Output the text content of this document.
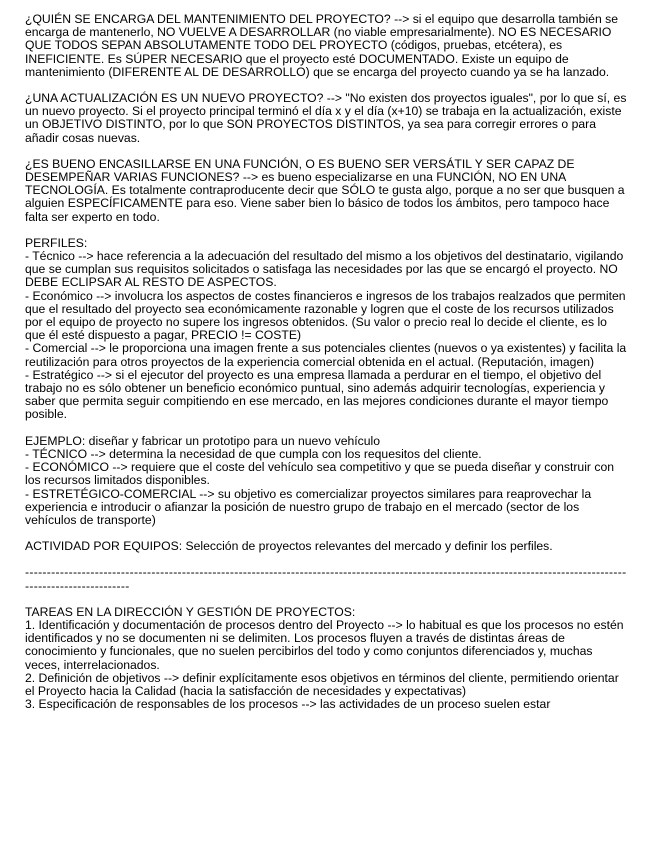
¿QUIÉN SE ENCARGA DEL MANTENIMIENTO DEL PROYECTO? --> si el equipo que desarrolla también se encarga de mantenerlo, NO VUELVE A DESARROLLAR (no viable empresarialmente). NO ES NECESARIO QUE TODOS SEPAN ABSOLUTAMENTE TODO DEL PROYECTO (códigos, pruebas, etcétera), es INEFICIENTE. Es SÚPER NECESARIO que el proyecto esté DOCUMENTADO. Existe un equipo de mantenimiento (DIFERENTE AL DE DESARROLLO) que se encarga del proyecto cuando ya se ha lanzado.

¿UNA ACTUALIZACIÓN ES UN NUEVO PROYECTO? --> "No existen dos proyectos iguales", por lo que sí, es un nuevo proyecto. Si el proyecto principal terminó el día x y el día (x+10) se trabaja en la actualización, existe un OBJETIVO DISTINTO, por lo que SON PROYECTOS DISTINTOS, ya sea para corregir errores o para añadir cosas nuevas.

¿ES BUENO ENCASILLARSE EN UNA FUNCIÓN, O ES BUENO SER VERSÁTIL Y SER CAPAZ DE DESEMPEÑAR VARIAS FUNCIONES? --> es bueno especializarse en una FUNCIÓN, NO EN UNA TECNOLOGÍA. Es totalmente contraproducente decir que SÓLO te gusta algo, porque a no ser que busquen a alguien ESPECÍFICAMENTE para eso. Viene saber bien lo básico de todos los ámbitos, pero tampoco hace falta ser experto en todo.

PERFILES:

- Técnico --> hace referencia a la adecuación del resultado del mismo a los objetivos del destinatario, vigilando que se cumplan sus requisitos solicitados o satisfaga las necesidades por las que se encargó el proyecto. NO DEBE ECLIPSAR AL RESTO DE ASPECTOS.

- Económico --> involucra los aspectos de costes financieros e ingresos de los trabajos realzados que permiten que el resultado del proyecto sea económicamente razonable y logren que el coste de los recursos utilizados por el equipo de proyecto no supere los ingresos obtenidos. (Su valor o precio real lo decide el cliente, es lo que él esté dispuesto a pagar, PRECIO != COSTE)

- Comercial --> le proporciona una imagen frente a sus potenciales clientes (nuevos o ya existentes) y facilita la reutilización para otros proyectos de la experiencia comercial obtenida en el actual. (Reputación, imagen)

- Estratégico --> si el ejecutor del proyecto es una empresa llamada a perdurar en el tiempo, el objetivo del trabajo no es sólo obtener un beneficio económico puntual, sino además adquirir tecnologías, experiencia y saber que permita seguir compitiendo en ese mercado, en las mejores condiciones durante el mayor tiempo posible.

EJEMPLO: diseñar y fabricar un prototipo para un nuevo vehículo

- TÉCNICO --> determina la necesidad de que cumpla con los requesitos del cliente.

- ECONÓMICO --> requiere que el coste del vehículo sea competitivo y que se pueda diseñar y construir con los recursos limitados disponibles.

- ESTRETÉGICO-COMERCIAL --> su objetivo es comercializar proyectos similares para reaprovechar la experiencia e introducir o afianzar la posición de nuestro grupo de trabajo en el mercado (sector de los vehículos de transporte)

ACTIVIDAD POR EQUIPOS: Selección de proyectos relevantes del mercado y definir los perfiles.

------------------------------------------------------------------------------------------------------------------------------------------------------------------

TAREAS EN LA DIRECCIÓN Y GESTIÓN DE PROYECTOS:

1. Identificación y documentación de procesos dentro del Proyecto --> lo habitual es que los procesos no estén identificados y no se documenten ni se delimiten. Los procesos fluyen a través de distintas áreas de conocimiento y funcionales, que no suelen percibirlos del todo y como conjuntos diferenciados y, muchas veces, interrelacionados.

2. Definición de objetivos --> definir explícitamente esos objetivos en términos del cliente, permitiendo orientar el Proyecto hacia la Calidad (hacia la satisfacción de necesidades y expectativas)

3. Especificación de responsables de los procesos --> las actividades de un proceso suelen estar
